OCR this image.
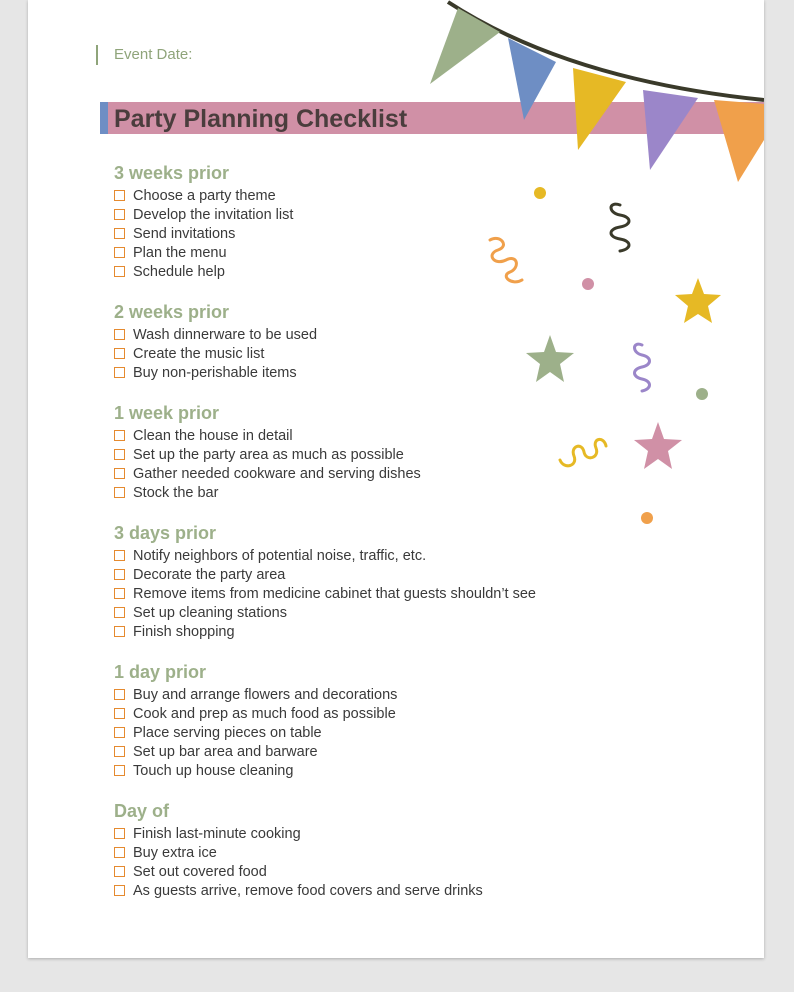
Event Date:
Party Planning Checklist
3 weeks prior
Choose a party theme
Develop the invitation list
Send invitations
Plan the menu
Schedule help
2 weeks prior
Wash dinnerware to be used
Create the music list
Buy non-perishable items
1 week prior
Clean the house in detail
Set up the party area as much as possible
Gather needed cookware and serving dishes
Stock the bar
3 days prior
Notify neighbors of potential noise, traffic, etc.
Decorate the party area
Remove items from medicine cabinet that guests shouldn’t see
Set up cleaning stations
Finish shopping
1 day prior
Buy and arrange flowers and decorations
Cook and prep as much food as possible
Place serving pieces on table
Set up bar area and barware
Touch up house cleaning
Day of
Finish last-minute cooking
Buy extra ice
Set out covered food
As guests arrive, remove food covers and serve drinks
